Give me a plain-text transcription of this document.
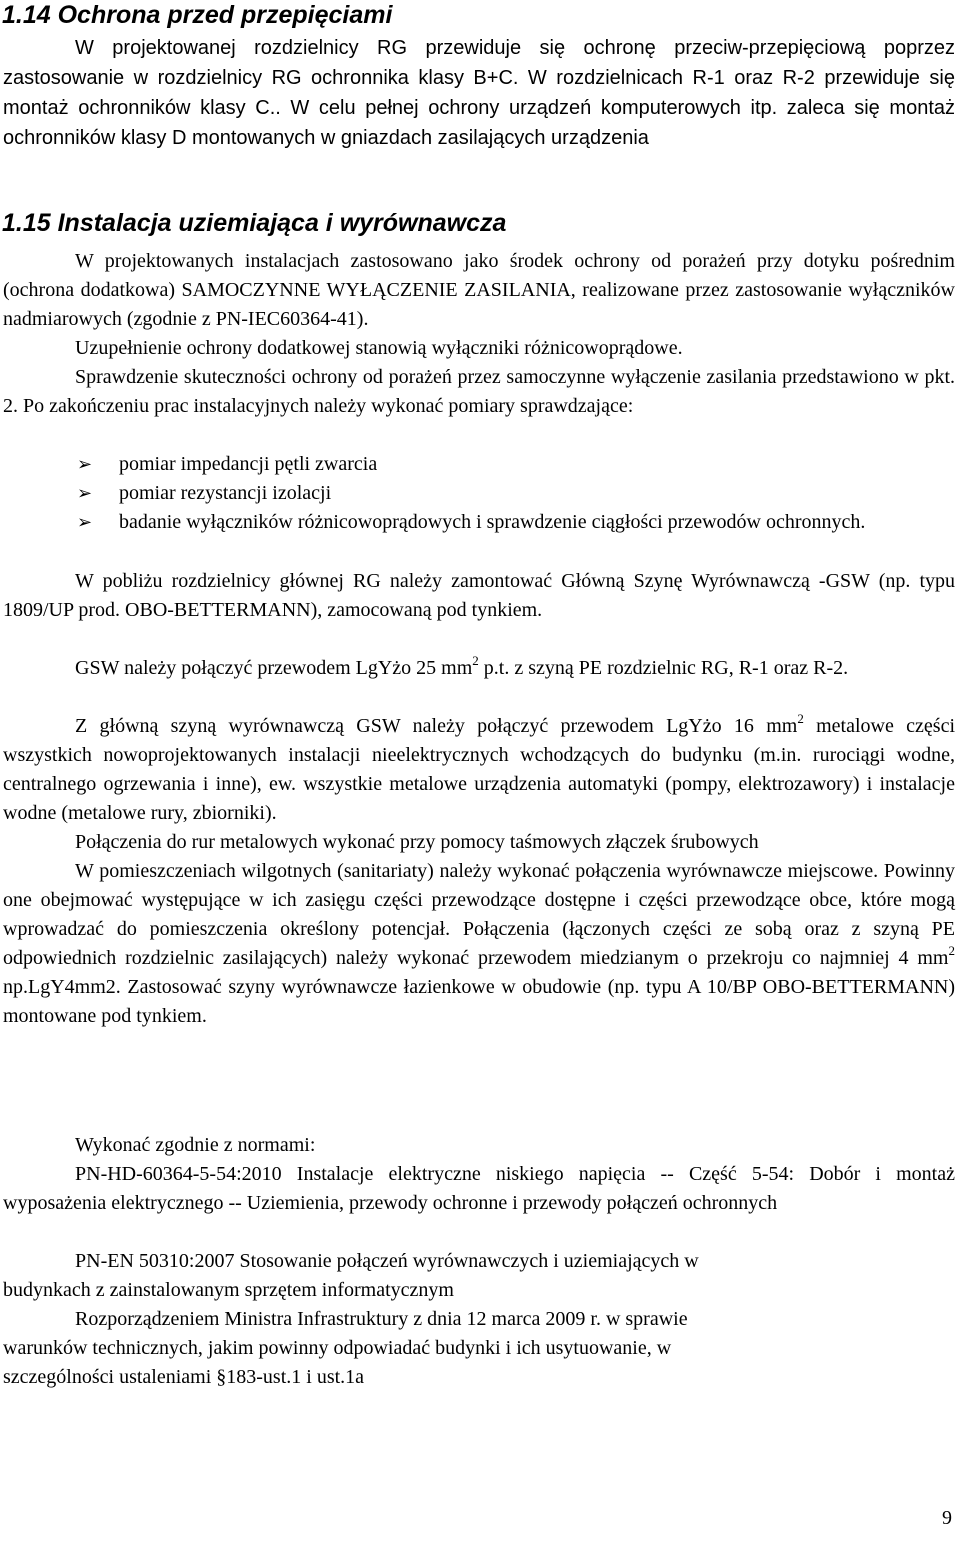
1.14 Ochrona przed przepięciami

W projektowanej rozdzielnicy RG przewiduje się ochronę przeciw-przepięciową poprzez zastosowanie w rozdzielnicy RG ochronnika klasy B+C. W rozdzielnicach R-1 oraz R-2 przewiduje się montaż ochronników klasy C.. W celu pełnej ochrony urządzeń komputerowych itp. zaleca się montaż ochronników klasy D montowanych w gniazdach zasilających urządzenia

1.15 Instalacja uziemiająca i wyrównawcza

W projektowanych instalacjach zastosowano jako środek ochrony od porażeń przy dotyku pośrednim (ochrona dodatkowa) SAMOCZYNNE WYŁĄCZENIE ZASILANIA, realizowane przez zastosowanie wyłączników nadmiarowych (zgodnie z PN-IEC60364-41).

Uzupełnienie ochrony dodatkowej stanowią wyłączniki różnicowoprądowe.

Sprawdzenie skuteczności ochrony od porażeń przez samoczynne wyłączenie zasilania przedstawiono w pkt. 2. Po zakończeniu prac instalacyjnych należy wykonać pomiary sprawdzające:

➢ pomiar impedancji pętli zwarcia
➢ pomiar rezystancji izolacji
➢ badanie wyłączników różnicowoprądowych i sprawdzenie ciągłości przewodów ochronnych.

W pobliżu rozdzielnicy głównej RG należy zamontować Główną Szynę Wyrównawczą -GSW (np. typu 1809/UP prod. OBO-BETTERMANN), zamocowaną pod tynkiem.

GSW należy połączyć przewodem LgYżo 25 $mm^2$ p.t. z szyną PE rozdzielnic RG, R-1 oraz R-2.

Z główną szyną wyrównawczą GSW należy połączyć przewodem LgYżo 16 $mm^2$ metalowe części wszystkich nowoprojektowanych instalacji nieelektrycznych wchodzących do budynku (m.in. rurociągi wodne, centralnego ogrzewania i inne), ew. wszystkie metalowe urządzenia automatyki (pompy, elektrozawory) i instalacje wodne (metalowe rury, zbiorniki).

Połączenia do rur metalowych wykonać przy pomocy taśmowych złączek śrubowych

W pomieszczeniach wilgotnych (sanitariaty) należy wykonać połączenia wyrównawcze miejscowe. Powinny one obejmować występujące w ich zasięgu części przewodzące dostępne i części przewodzące obce, które mogą wprowadzać do pomieszczenia określony potencjał. Połączenia (łączonych części ze sobą oraz z szyną PE odpowiednich rozdzielnic zasilających) należy wykonać przewodem miedzianym o przekroju co najmniej 4 $mm^2$ np.LgY4mm2. Zastosować szyny wyrównawcze łazienkowe w obudowie (np. typu A 10/BP OBO-BETTERMANN) montowane pod tynkiem.

Wykonać zgodnie z normami:

PN-HD-60364-5-54:2010 Instalacje elektryczne niskiego napięcia -- Część 5-54: Dobór i montaż wyposażenia elektrycznego -- Uziemienia, przewody ochronne i przewody połączeń ochronnych

PN-EN 50310:2007 Stosowanie połączeń wyrównawczych i uziemiających w
budynkach z zainstalowanym sprzętem informatycznym

Rozporządzeniem Ministra Infrastruktury z dnia 12 marca 2009 r. w sprawie
warunków technicznych, jakim powinny odpowiadać budynki i ich usytuowanie, w
szczególności ustaleniami §183-ust.1 i ust.1a

9
